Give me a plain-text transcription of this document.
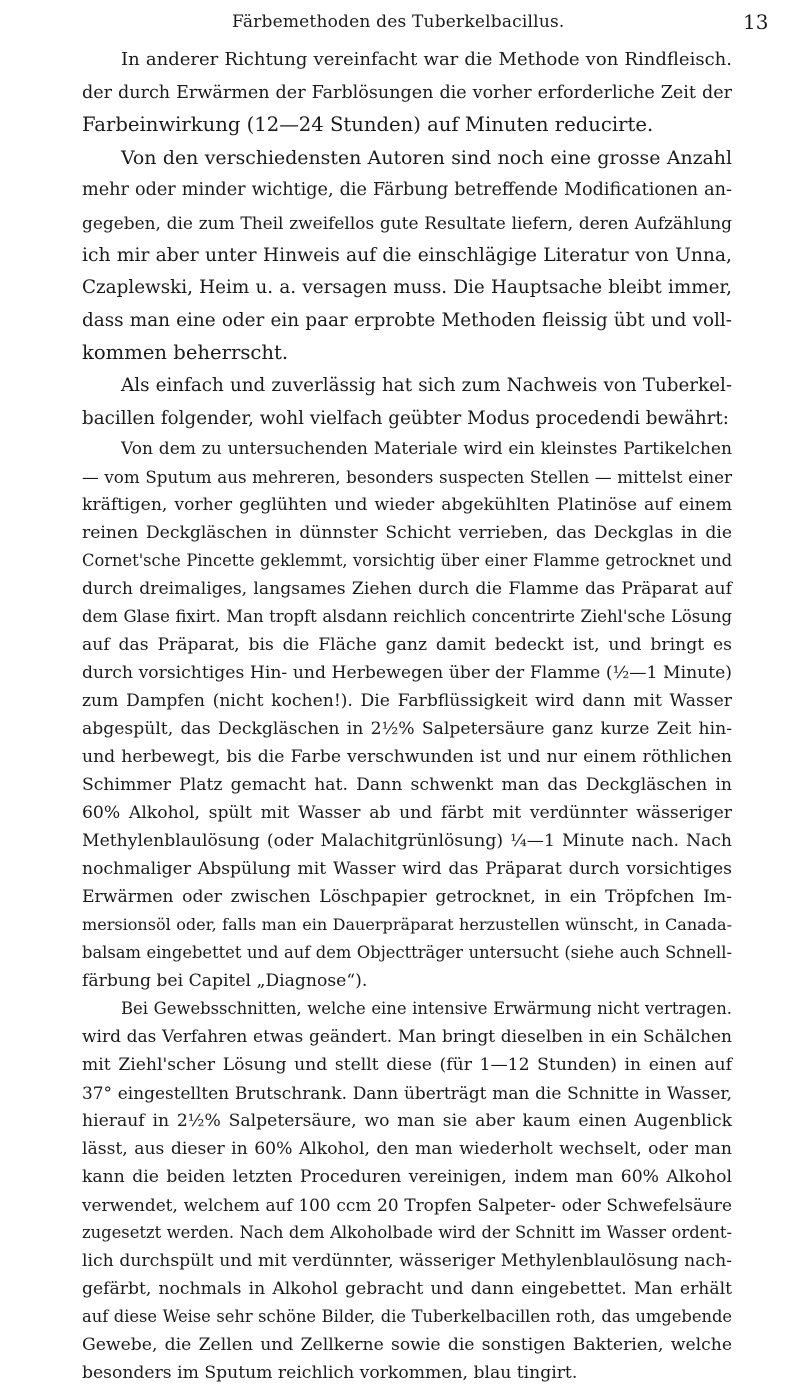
Färbemethoden des Tuberkelbacillus.	13
In anderer Richtung vereinfacht war die Methode von Rindfleisch.
der durch Erwärmen der Farblösungen die vorher erforderliche Zeit der
Farbeinwirkung (12—24 Stunden) auf Minuten reducirte.
Von den verschiedensten Autoren sind noch eine grosse Anzahl
mehr oder minder wichtige, die Färbung betreffende Modificationen an-
gegeben, die zum Theil zweifellos gute Resultate liefern, deren Aufzählung
ich mir aber unter Hinweis auf die einschlägige Literatur von Unna,
Czaplewski, Heim u. a. versagen muss. Die Hauptsache bleibt immer,
dass man eine oder ein paar erprobte Methoden fleissig übt und voll-
kommen beherrscht.
Als einfach und zuverlässig hat sich zum Nachweis von Tuberkel-
bacillen folgender, wohl vielfach geübter Modus procedendi bewährt:
Von dem zu untersuchenden Materiale wird ein kleinstes Partikelchen
— vom Sputum aus mehreren, besonders suspecten Stellen — mittelst einer
kräftigen, vorher geglühten und wieder abgekühlten Platinöse auf einem
reinen Deckgläschen in dünnster Schicht verrieben, das Deckglas in die
Cornet'sche Pincette geklemmt, vorsichtig über einer Flamme getrocknet und
durch dreimaliges, langsames Ziehen durch die Flamme das Präparat auf
dem Glase fixirt. Man tropft alsdann reichlich concentrirte Ziehl'sche Lösung
auf das Präparat, bis die Fläche ganz damit bedeckt ist, und bringt es
durch vorsichtiges Hin- und Herbewegen über der Flamme (½—1 Minute)
zum Dampfen (nicht kochen!). Die Farbflüssigkeit wird dann mit Wasser
abgespült, das Deckgläschen in 2½% Salpetersäure ganz kurze Zeit hin-
und herbewegt, bis die Farbe verschwunden ist und nur einem röthlichen
Schimmer Platz gemacht hat. Dann schwenkt man das Deckgläschen in
60% Alkohol, spült mit Wasser ab und färbt mit verdünnter wässeriger
Methylenblaulösung (oder Malachitgrünlösung) ¼—1 Minute nach. Nach
nochmaliger Abspülung mit Wasser wird das Präparat durch vorsichtiges
Erwärmen oder zwischen Löschpapier getrocknet, in ein Tröpfchen Im-
mersionsöl oder, falls man ein Dauerpräparat herzustellen wünscht, in Canada-
balsam eingebettet und auf dem Objectträger untersucht (siehe auch Schnell-
färbung bei Capitel „Diagnose“).
Bei Gewebsschnitten, welche eine intensive Erwärmung nicht vertragen.
wird das Verfahren etwas geändert. Man bringt dieselben in ein Schälchen
mit Ziehl'scher Lösung und stellt diese (für 1—12 Stunden) in einen auf
37° eingestellten Brutschrank. Dann überträgt man die Schnitte in Wasser,
hierauf in 2½% Salpetersäure, wo man sie aber kaum einen Augenblick
lässt, aus dieser in 60% Alkohol, den man wiederholt wechselt, oder man
kann die beiden letzten Proceduren vereinigen, indem man 60% Alkohol
verwendet, welchem auf 100 ccm 20 Tropfen Salpeter- oder Schwefelsäure
zugesetzt werden. Nach dem Alkoholbade wird der Schnitt im Wasser ordent-
lich durchspült und mit verdünnter, wässeriger Methylenblaulösung nach-
gefärbt, nochmals in Alkohol gebracht und dann eingebettet. Man erhält
auf diese Weise sehr schöne Bilder, die Tuberkelbacillen roth, das umgebende
Gewebe, die Zellen und Zellkerne sowie die sonstigen Bakterien, welche
besonders im Sputum reichlich vorkommen, blau tingirt.
